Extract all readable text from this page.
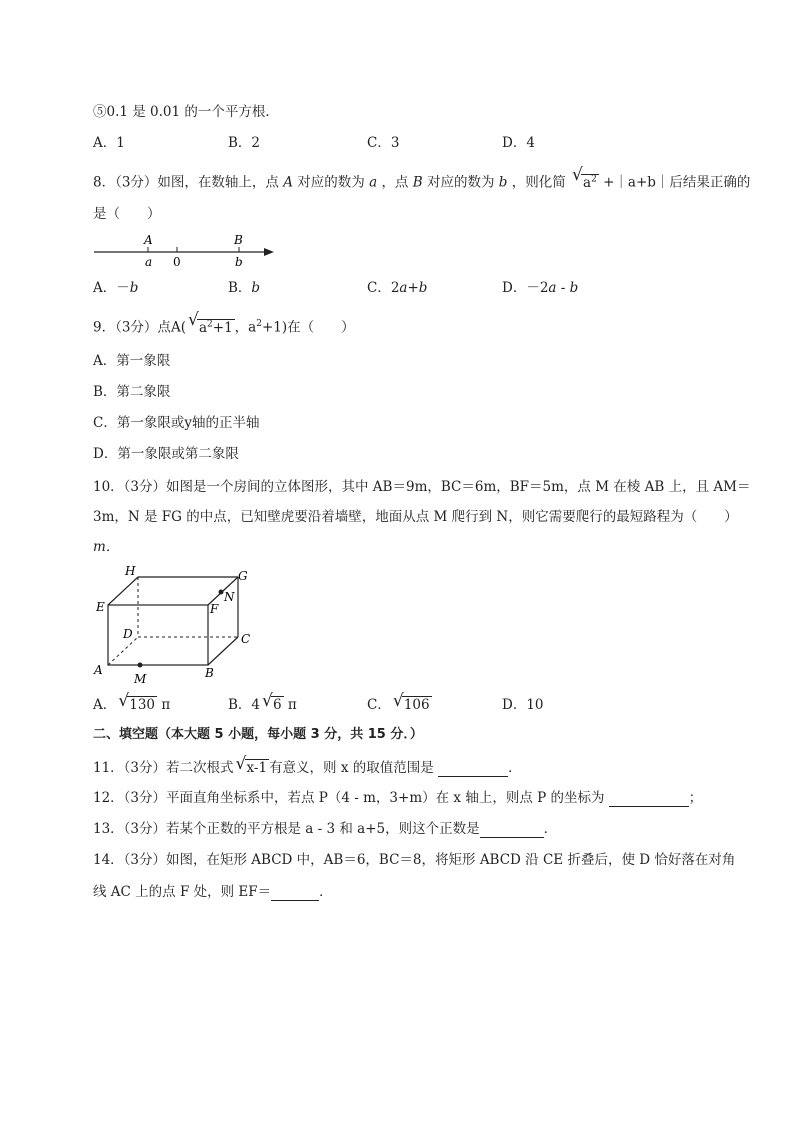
⑤0.1 是 0.01 的一个平方根．
A．1	B．2	C．3	D．4
8．（3分）如图，在数轴上，点 A 对应的数为 a ，点 B 对应的数为 b ，则化简 √ $a^2$ +｜a+b｜后结果正确的
是（　　）
A	B
a 0	b
A．－b	B．b	C．2a+b	D．－2a - b
9．（3分）点A( √ $a^2+1$ ，$a^2+1$)在（　　）
A．第一象限
B．第二象限
C．第一象限或y轴的正半轴
D．第一象限或第二象限
10．（3分）如图是一个房间的立体图形，其中 AB＝9m，BC＝6m，BF＝5m，点 M 在棱 AB 上，且 AM＝
3m，N 是 FG 的中点，已知壁虎要沿着墙壁，地面从点 M 爬行到 N，则它需要爬行的最短路程为（　　）
m．
H	G
E
N
F
D	C
A
M	B
A． √ 130 π	B．4 √ 6 π	C． √ 106	D．10
二、填空题（本大题 5 小题，每小题 3 分，共 15 分．）
11．（3分）若二次根式 √ x-1 有意义，则 x 的取值范围是	．
12．（3分）平面直角坐标系中，若点 P（4 - m，3+m）在 x 轴上，则点 P 的坐标为	；
13．（3分）若某个正数的平方根是 a - 3 和 a+5，则这个正数是	．
14．（3分）如图，在矩形 ABCD 中，AB＝6，BC＝8，将矩形 ABCD 沿 CE 折叠后，使 D 恰好落在对角
线 AC 上的点 F 处，则 EF＝	．
